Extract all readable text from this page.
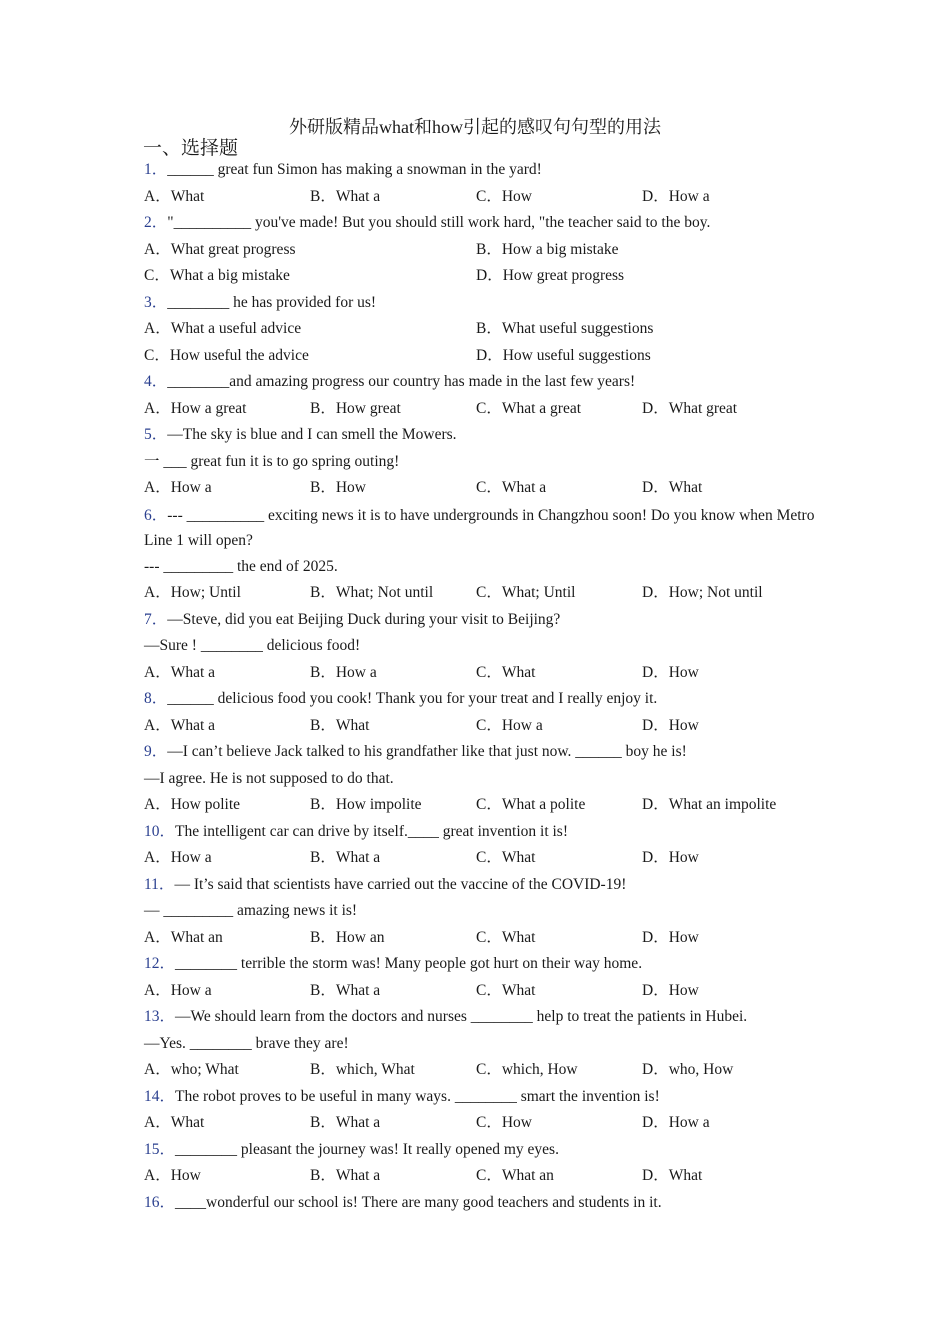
外研版精品what和how引起的感叹句句型的用法
一、选择题
1．______ great fun Simon has making a snowman in the yard!
A．What	B．What a	C．How	D．How a
2．"__________ you've made! But you should still work hard, "the teacher said to the boy.
A．What great progress	B．How a big mistake
C．What a big mistake	D．How great progress
3．________ he has provided for us!
A．What a useful advice	B．What useful suggestions
C．How useful the advice	D．How useful suggestions
4．________and amazing progress our country has made in the last few years!
A．How a great	B．How great	C．What a great	D．What great
5．—The sky is blue and I can smell the Mowers.
一 ___ great fun it is to go spring outing!
A．How a	B．How	C．What a	D．What
6．--- __________ exciting news it is to have undergrounds in Changzhou soon! Do you know when Metro Line 1 will open?
--- _________ the end of 2025.
A．How; Until	B．What; Not until	C．What; Until	D．How; Not until
7．—Steve, did you eat Beijing Duck during your visit to Beijing?
—Sure ! ________ delicious food!
A．What a	B．How a	C．What	D．How
8．______ delicious food you cook! Thank you for your treat and I really enjoy it.
A．What a	B．What	C．How a	D．How
9．—I can’t believe Jack talked to his grandfather like that just now. ______ boy he is!
—I agree. He is not supposed to do that.
A．How polite	B．How impolite	C．What a polite	D．What an impolite
10．The intelligent car can drive by itself.____ great invention it is!
A．How a	B．What a	C．What	D．How
11．— It’s said that scientists have carried out the vaccine of the COVID-19!
— _________ amazing news it is!
A．What an	B．How an	C．What	D．How
12．________ terrible the storm was! Many people got hurt on their way home.
A．How a	B．What a	C．What	D．How
13．—We should learn from the doctors and nurses ________ help to treat the patients in Hubei.
—Yes. ________ brave they are!
A．who; What	B．which, What	C．which, How	D．who, How
14．The robot proves to be useful in many ways. ________ smart the invention is!
A．What	B．What a	C．How	D．How a
15．________ pleasant the journey was! It really opened my eyes.
A．How	B．What a	C．What an	D．What
16．____wonderful our school is! There are many good teachers and students in it.
